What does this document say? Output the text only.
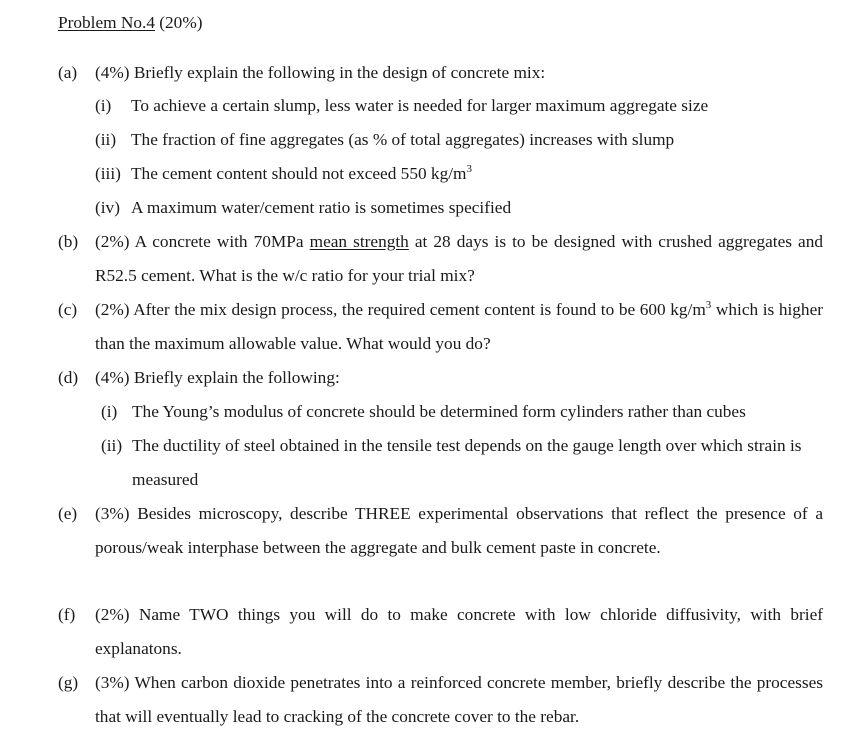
Problem No.4 (20%)
(a) (4%) Briefly explain the following in the design of concrete mix:
(i) To achieve a certain slump, less water is needed for larger maximum aggregate size
(ii) The fraction of fine aggregates (as % of total aggregates) increases with slump
(iii) The cement content should not exceed 550 $kg/m^3$
(iv) A maximum water/cement ratio is sometimes specified
(b) (2%) A concrete with 70MPa mean strength at 28 days is to be designed with crushed aggregates and R52.5 cement. What is the w/c ratio for your trial mix?
(c) (2%) After the mix design process, the required cement content is found to be 600 $kg/m^3$ which is higher than the maximum allowable value. What would you do?
(d) (4%) Briefly explain the following:
(i) The Young’s modulus of concrete should be determined form cylinders rather than cubes
(ii) The ductility of steel obtained in the tensile test depends on the gauge length over which strain is measured
(e) (3%) Besides microscopy, describe THREE experimental observations that reflect the presence of a porous/weak interphase between the aggregate and bulk cement paste in concrete.
(f) (2%) Name TWO things you will do to make concrete with low chloride diffusivity, with brief explanatons.
(g) (3%) When carbon dioxide penetrates into a reinforced concrete member, briefly describe the processes that will eventually lead to cracking of the concrete cover to the rebar.
